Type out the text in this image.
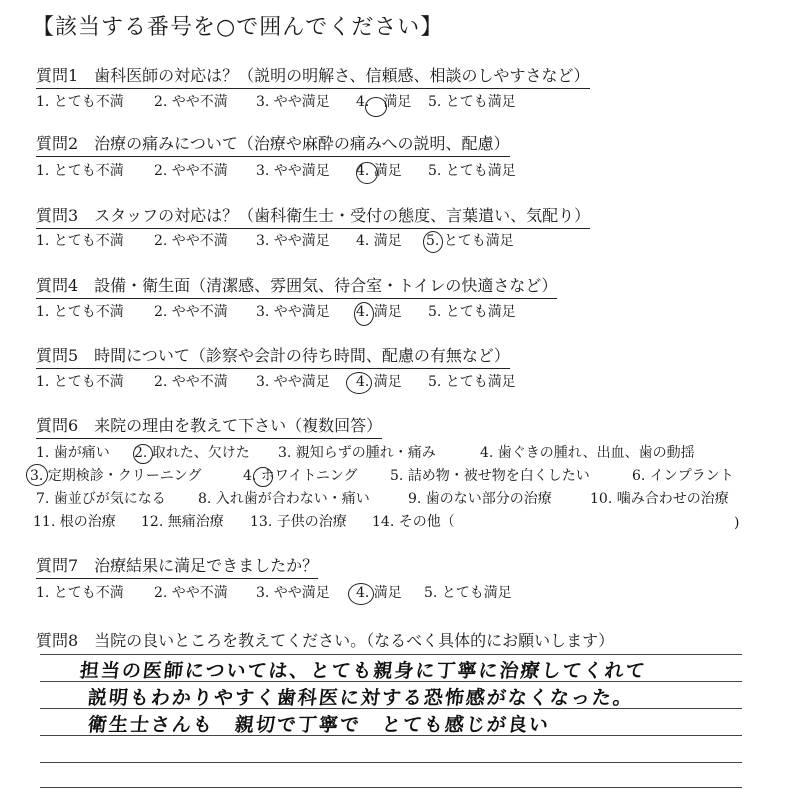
【該当する番号を○で囲んでください】
質問1　歯科医師の対応は？（説明の明解さ、信頼感、相談のしやすさなど）
1. とても不満 2. やや不満 3. やや満足 4.　満足 5. とても満足
質問2　治療の痛みについて（治療や麻酔の痛みへの説明、配慮）
1. とても不満 2. やや不満 3. やや満足 4. 満足 5. とても満足
質問3　スタッフの対応は？（歯科衛生士・受付の態度、言葉遣い、気配り）
1. とても不満 2. やや不満 3. やや満足 4. 満足 5. とても満足
質問4　設備・衛生面（清潔感、雰囲気、待合室・トイレの快適さなど）
1. とても不満 2. やや不満 3. やや満足 4. 満足 5. とても満足
質問5　時間について（診察や会計の待ち時間、配慮の有無など）
1. とても不満 2. やや不満 3. やや満足 4. 満足 5. とても満足
質問6　来院の理由を教えて下さい（複数回答）
1. 歯が痛い 2. 取れた、欠けた 3. 親知らずの腫れ・痛み	4. 歯ぐきの腫れ、出血、歯の動揺
3. 定期検診・クリーニング	4. ホワイトニング 5. 詰め物・被せ物を白くしたい	6. インプラント
7. 歯並びが気になる 8. 入れ歯が合わない・痛い	9. 歯のない部分の治療	10. 噛み合わせの治療
11. 根の治療 12. 無痛治療 13. 子供の治療 14. その他（	)
質問7　治療結果に満足できましたか？
1. とても不満 2. やや不満 3. やや満足 4. 満足 5. とても満足
質問8　当院の良いところを教えてください。（なるべく具体的にお願いします）
担当の医師については、とても親身に丁寧に治療してくれて
説明もわかりやすく歯科医に対する恐怖感がなくなった。
衛生士さんも　親切で丁寧で　とても感じが良い
